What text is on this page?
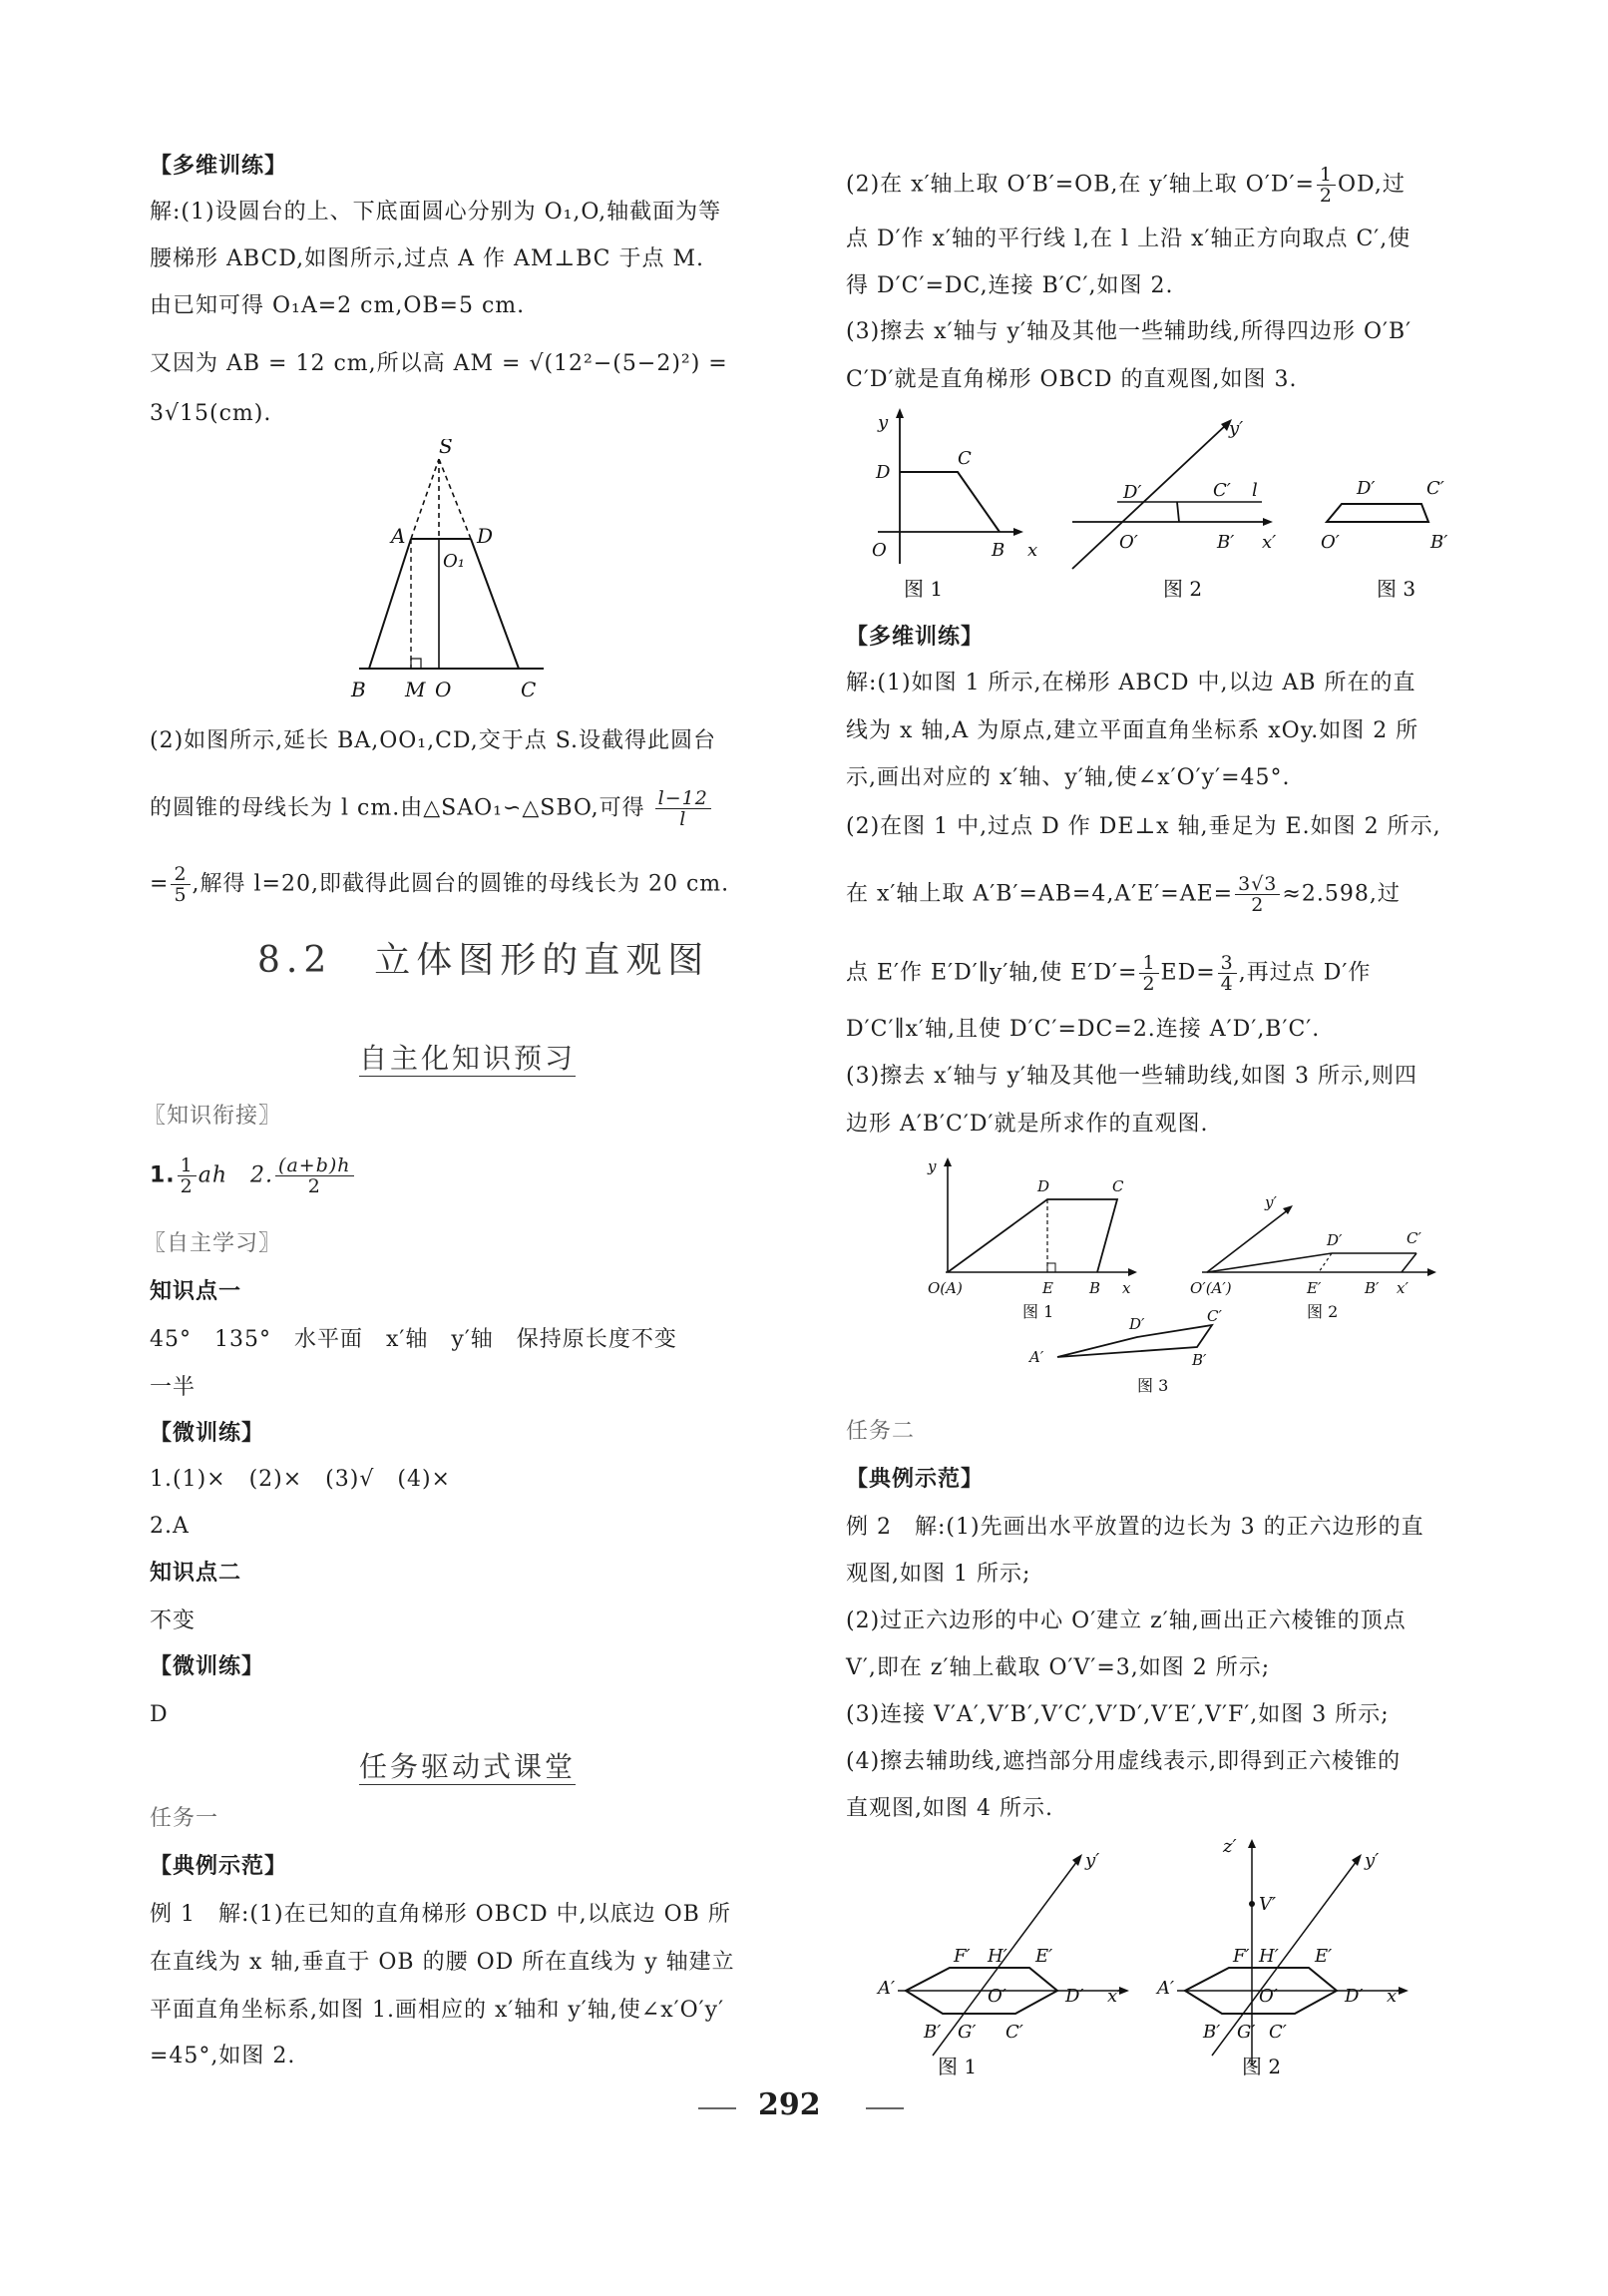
【多维训练】
解:(1)设圆台的上、下底面圆心分别为 O₁,O,轴截面为等
腰梯形 ABCD,如图所示,过点 A 作 AM⊥BC 于点 M.
由已知可得 O₁A=2 cm,OB=5 cm.
又因为 AB = 12 cm,所以高 AM = √(12²−(5−2)²) =
3√15(cm).
S
A	D
O₁
B M O	C
(2)如图所示,延长 BA,OO₁,CD,交于点 S.设截得此圆台
的圆锥的母线长为 l cm.由△SAO₁∽△SBO,可得 $\frac{l-12}{l}$
= $\frac{2}{5}$ ,解得 l=20,即截得此圆台的圆锥的母线长为 20 cm.
8.2　立体图形的直观图
自主化知识预习
〖知识衔接〗
1. $\frac{1}{2}$ ah　2. $\frac{(a+b)h}{2}$
〖自主学习〗
知识点一
45°　135°　水平面　x′轴　y′轴　保持原长度不变
一半
【微训练】
1.(1)×　(2)×　(3)√　(4)×
2.A
知识点二
不变
【微训练】
D
任务驱动式课堂
任务一
【典例示范】
例 1　 解:(1)在已知的直角梯形 OBCD 中,以底边 OB 所
在直线为 x 轴,垂直于 OB 的腰 OD 所在直线为 y 轴建立
平面直角坐标系,如图 1.画相应的 x′轴和 y′轴,使∠x′O′y′
=45°,如图 2.
(2)在 x′轴上取 O′B′=OB,在 y′轴上取 $O'D'= \frac{1}{2}$ OD,过
点 D′作 x′轴的平行线 l,在 l 上沿 x′轴正方向取点 C′,使
得 D′C′=DC,连接 B′C′,如图 2.
(3)擦去 x′轴与 y′轴及其他一些辅助线,所得四边形 O′B′
C′D′就是直角梯形 OBCD 的直观图,如图 3.
y
D
C
O	B x
图 1
y′
D′	C′ l
O′	B′ x′
图 2
D′	C′
O′	B′
图 3
【多维训练】
解:(1)如图 1 所示,在梯形 ABCD 中,以边 AB 所在的直
线为 x 轴,A 为原点,建立平面直角坐标系 xOy.如图 2 所
示,画出对应的 x′轴、y′轴,使∠x′O′y′=45°.
(2)在图 1 中,过点 D 作 DE⊥x 轴,垂足为 E.如图 2 所示,
在 x′轴上取 $A'B'=AB=4,A'E'=AE= \frac{3√3}{2} \approx 2.598$,过
点 E′作 E′D′∥y′轴,使 $E'D'= \frac{1}{2} ED= \frac{3}{4}$ ,再过点 D′作
D′C′∥x′轴,且使 D′C′=DC=2.连接 A′D′,B′C′.
(3)擦去 x′轴与 y′轴及其他一些辅助线,如图 3 所示,则四
边形 A′B′C′D′就是所求作的直观图.
y
D	C
O(A)	E B x
图 1
y′
D′	C′
O′(A′)	E′	B′ x′
图 2
A′
D′	C′
B′
图 3
任务二
【典例示范】
例 2　 解:(1)先画出水平放置的边长为 3 的正六边形的直
观图,如图 1 所示;
(2)过正六边形的中心 O′建立 z′轴,画出正六棱锥的顶点
V′,即在 z′轴上截取 O′V′=3,如图 2 所示;
(3)连接 V′A′,V′B′,V′C′,V′D′,V′E′,V′F′,如图 3 所示;
(4)擦去辅助线,遮挡部分用虚线表示,即得到正六棱锥的
直观图,如图 4 所示.
y′
F′ H′ E′
A′	O′	D′ x′
B′ G′ C′
图 1
z′
V′
y′
F′ H′ E′
A′	O′	D′ x′
B′ G′ C′
图 2
292
